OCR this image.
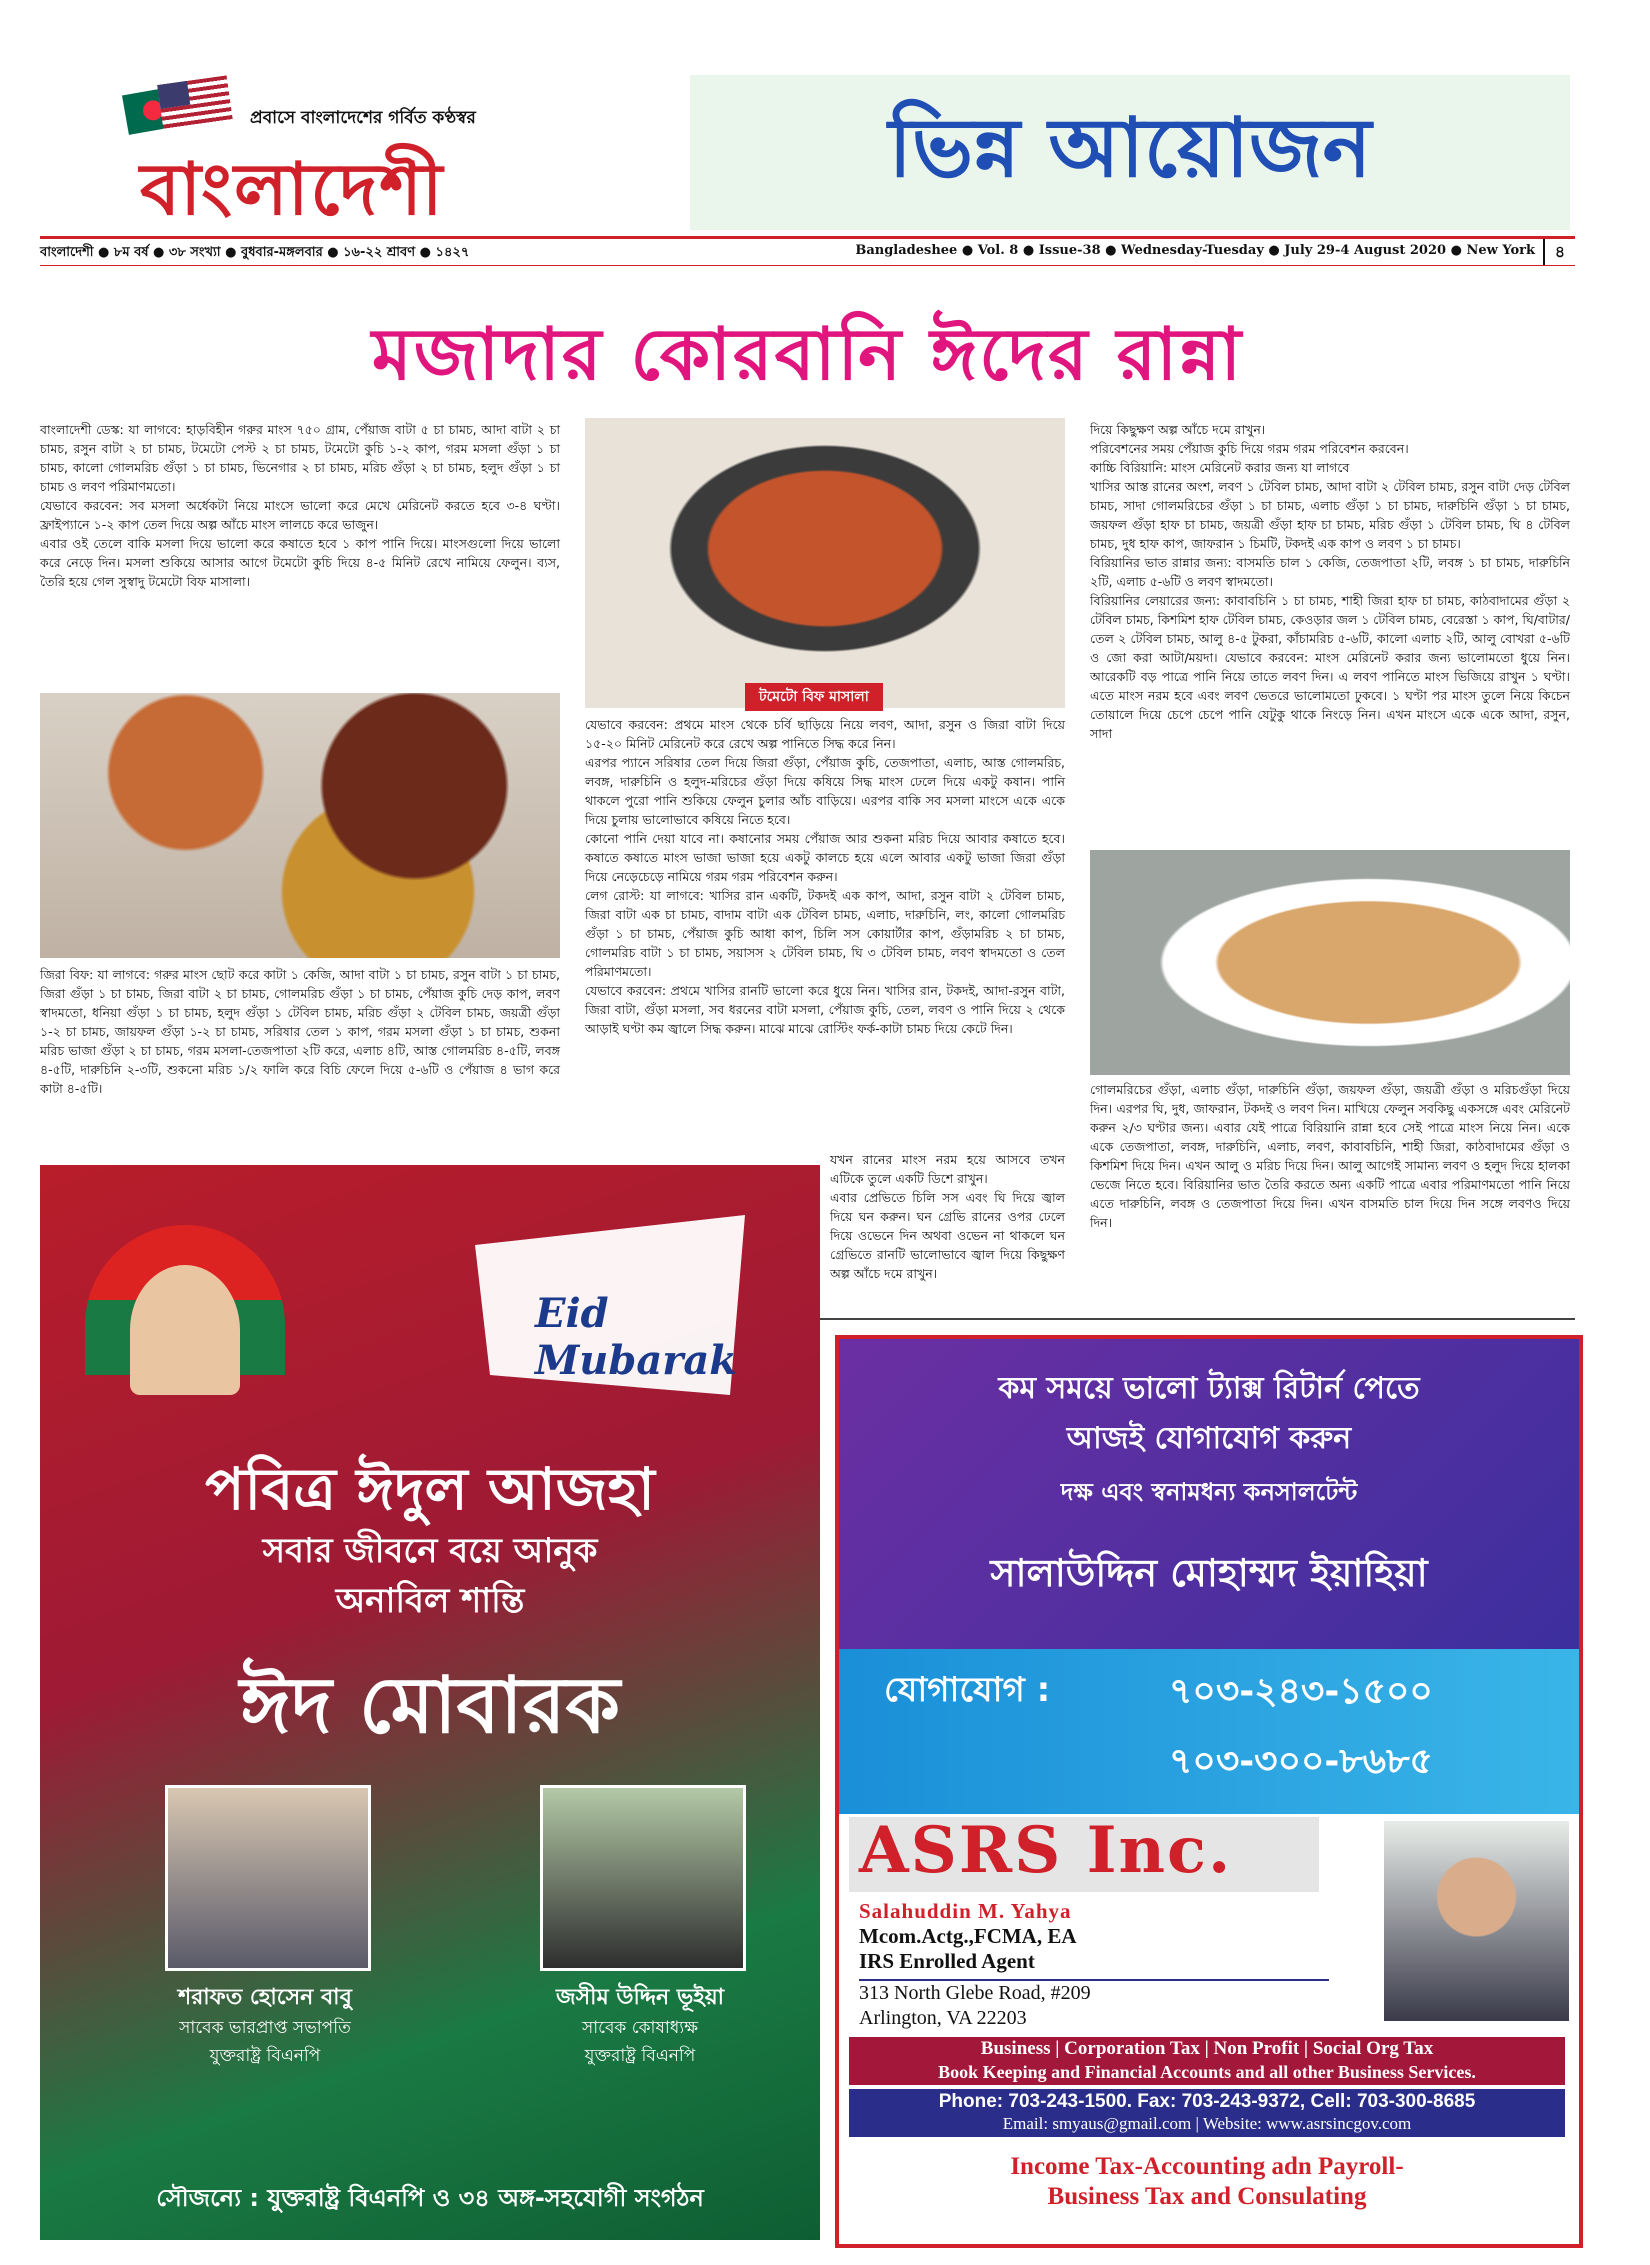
প্রবাসে বাংলাদেশের গর্বিত কণ্ঠস্বর
বাংলাদেশী	ভিন্ন আয়োজন
বাংলাদেশী ● ৮ম বর্ষ ● ৩৮ সংখ্যা ● বুধবার-মঙ্গলবার ● ১৬-২২ শ্রাবণ ● ১৪২৭	Bangladeshee ● Vol. 8 ● Issue-38 ● Wednesday-Tuesday ● July 29-4 August 2020 ● New York	৪
মজাদার কোরবানি ঈদের রান্না
টমেটো বিফ মাসালা

বাংলাদেশী ডেস্ক: যা লাগবে: হাড়বিহীন গরুর মাংস ৭৫০ গ্রাম, পেঁয়াজ বাটা ৫ চা চামচ, আদা বাটা ২ চা চামচ, রসুন বাটা ২ চা চামচ, টমেটো পেস্ট ২ চা চামচ, টমেটো কুচি ১-২ কাপ, গরম মসলা গুঁড়া ১ চা চামচ, কালো গোলমরিচ গুঁড়া ১ চা চামচ, ভিনেগার ২ চা চামচ, মরিচ গুঁড়া ২ চা চামচ, হলুদ গুঁড়া ১ চা চামচ ও লবণ পরিমাণমতো।

যেভাবে করবেন: সব মসলা অর্ধেকটা নিয়ে মাংসে ভালো করে মেখে মেরিনেট করতে হবে ৩-৪ ঘণ্টা। ফ্রাইপ্যানে ১-২ কাপ তেল দিয়ে অল্প আঁচে মাংস লালচে করে ভাজুন।

এবার ওই তেলে বাকি মসলা দিয়ে ভালো করে কষাতে হবে ১ কাপ পানি দিয়ে। মাংসগুলো দিয়ে ভালো করে নেড়ে দিন। মসলা শুকিয়ে আসার আগে টমেটো কুচি দিয়ে ৪-৫ মিনিট রেখে নামিয়ে ফেলুন। ব্যস, তৈরি হয়ে গেল সুস্বাদু টমেটো বিফ মাসালা।

জিরা বিফ: যা লাগবে: গরুর মাংস ছোট করে কাটা ১ কেজি, আদা বাটা ১ চা চামচ, রসুন বাটা ১ চা চামচ, জিরা গুঁড়া ১ চা চামচ, জিরা বাটা ২ চা চামচ, গোলমরিচ গুঁড়া ১ চা চামচ, পেঁয়াজ কুচি দেড় কাপ, লবণ স্বাদমতো, ধনিয়া গুঁড়া ১ চা চামচ, হলুদ গুঁড়া ১ টেবিল চামচ, মরিচ গুঁড়া ২ টেবিল চামচ, জয়ত্রী গুঁড়া ১-২ চা চামচ, জায়ফল গুঁড়া ১-২ চা চামচ, সরিষার তেল ১ কাপ, গরম মসলা গুঁড়া ১ চা চামচ, শুকনা মরিচ ভাজা গুঁড়া ২ চা চামচ, গরম মসলা-তেজপাতা ২টি করে, এলাচ ৪টি, আস্ত গোলমরিচ ৪-৫টি, লবঙ্গ ৪-৫টি, দারুচিনি ২-৩টি, শুকনো মরিচ ১/২ ফালি করে বিচি ফেলে দিয়ে ৫-৬টি ও পেঁয়াজ ৪ ভাগ করে কাটা ৪-৫টি।

যেভাবে করবেন: প্রথমে মাংস থেকে চর্বি ছাড়িয়ে নিয়ে লবণ, আদা, রসুন ও জিরা বাটা দিয়ে ১৫-২০ মিনিট মেরিনেট করে রেখে অল্প পানিতে সিদ্ধ করে নিন।

এরপর প্যানে সরিষার তেল দিয়ে জিরা গুঁড়া, পেঁয়াজ কুচি, তেজপাতা, এলাচ, আস্ত গোলমরিচ, লবঙ্গ, দারুচিনি ও হলুদ-মরিচের গুঁড়া দিয়ে কষিয়ে সিদ্ধ মাংস ঢেলে দিয়ে একটু কষান। পানি থাকলে পুরো পানি শুকিয়ে ফেলুন চুলার আঁচ বাড়িয়ে। এরপর বাকি সব মসলা মাংসে একে একে দিয়ে চুলায় ভালোভাবে কষিয়ে নিতে হবে।

কোনো পানি দেয়া যাবে না। কষানোর সময় পেঁয়াজ আর শুকনা মরিচ দিয়ে আবার কষাতে হবে। কষাতে কষাতে মাংস ভাজা ভাজা হয়ে একটু কালচে হয়ে এলে আবার একটু ভাজা জিরা গুঁড়া দিয়ে নেড়েচেড়ে নামিয়ে গরম গরম পরিবেশন করুন।

লেগ রোস্ট: যা লাগবে: খাসির রান একটি, টকদই এক কাপ, আদা, রসুন বাটা ২ টেবিল চামচ, জিরা বাটা এক চা চামচ, বাদাম বাটা এক টেবিল চামচ, এলাচ, দারুচিনি, লং, কালো গোলমরিচ গুঁড়া ১ চা চামচ, পেঁয়াজ কুচি আধা কাপ, চিলি সস কোয়ার্টার কাপ, গুঁড়ামরিচ ২ চা চামচ, গোলমরিচ বাটা ১ চা চামচ, সয়াসস ২ টেবিল চামচ, ঘি ৩ টেবিল চামচ, লবণ স্বাদমতো ও তেল পরিমাণমতো।

যেভাবে করবেন: প্রথমে খাসির রানটি ভালো করে ধুয়ে নিন। খাসির রান, টকদই, আদা-রসুন বাটা, জিরা বাটা, গুঁড়া মসলা, সব ধরনের বাটা মসলা, পেঁয়াজ কুচি, তেল, লবণ ও পানি দিয়ে ২ থেকে আড়াই ঘণ্টা কম জ্বালে সিদ্ধ করুন। মাঝে মাঝে রোস্টিং ফর্ক-কাটা চামচ দিয়ে কেটে দিন।

যখন রানের মাংস নরম হয়ে আসবে তখন এটিকে তুলে একটি ডিশে রাখুন।

এবার প্রেভিতে চিলি সস এবং ঘি দিয়ে জ্বাল দিয়ে ঘন করুন। ঘন গ্রেভি রানের ওপর ঢেলে দিয়ে ওভেনে দিন অথবা ওভেন না থাকলে ঘন গ্রেভিতে রানটি ভালোভাবে জ্বাল দিয়ে কিছুক্ষণ অল্প আঁচে দমে রাখুন।

দিয়ে কিছুক্ষণ অল্প আঁচে দমে রাখুন।

পরিবেশনের সময় পেঁয়াজ কুচি দিয়ে গরম গরম পরিবেশন করবেন।

কাচ্চি বিরিয়ানি: মাংস মেরিনেট করার জন্য যা লাগবে

খাসির আস্ত রানের অংশ, লবণ ১ টেবিল চামচ, আদা বাটা ২ টেবিল চামচ, রসুন বাটা দেড় টেবিল চামচ, সাদা গোলমরিচের গুঁড়া ১ চা চামচ, এলাচ গুঁড়া ১ চা চামচ, দারুচিনি গুঁড়া ১ চা চামচ, জয়ফল গুঁড়া হাফ চা চামচ, জয়ত্রী গুঁড়া হাফ চা চামচ, মরিচ গুঁড়া ১ টেবিল চামচ, ঘি ৪ টেবিল চামচ, দুধ হাফ কাপ, জাফরান ১ চিমটি, টকদই এক কাপ ও লবণ ১ চা চামচ।

বিরিয়ানির ভাত রান্নার জন্য: বাসমতি চাল ১ কেজি, তেজপাতা ২টি, লবঙ্গ ১ চা চামচ, দারুচিনি ২টি, এলাচ ৫-৬টি ও লবণ স্বাদমতো।

বিরিয়ানির লেয়ারের জন্য: কাবাবচিনি ১ চা চামচ, শাহী জিরা হাফ চা চামচ, কাঠবাদামের গুঁড়া ২ টেবিল চামচ, কিশমিশ হাফ টেবিল চামচ, কেওড়ার জল ১ টেবিল চামচ, বেরেস্তা ১ কাপ, ঘি/বাটার/তেল ২ টেবিল চামচ, আলু ৪-৫ টুকরা, কাঁচামরিচ ৫-৬টি, কালো এলাচ ২টি, আলু বোখরা ৫-৬টি ও জো করা আটা/ময়দা। যেভাবে করবেন: মাংস মেরিনেট করার জন্য ভালোমতো ধুয়ে নিন। আরেকটি বড় পাত্রে পানি নিয়ে তাতে লবণ দিন। এ লবণ পানিতে মাংস ভিজিয়ে রাখুন ১ ঘণ্টা। এতে মাংস নরম হবে এবং লবণ ভেতরে ভালোমতো ঢুকবে। ১ ঘণ্টা পর মাংস তুলে নিয়ে কিচেন তোয়ালে দিয়ে চেপে চেপে পানি যেটুকু থাকে নিংড়ে নিন। এখন মাংসে একে একে আদা, রসুন, সাদা

গোলমরিচের গুঁড়া, এলাচ গুঁড়া, দারুচিনি গুঁড়া, জয়ফল গুঁড়া, জয়ত্রী গুঁড়া ও মরিচগুঁড়া দিয়ে দিন। এরপর ঘি, দুধ, জাফরান, টকদই ও লবণ দিন। মাখিয়ে ফেলুন সবকিছু একসঙ্গে এবং মেরিনেট করুন ২/৩ ঘণ্টার জন্য। এবার যেই পাত্রে বিরিয়ানি রান্না হবে সেই পাত্রে মাংস নিয়ে নিন। একে একে তেজপাতা, লবঙ্গ, দারুচিনি, এলাচ, লবণ, কাবাবচিনি, শাহী জিরা, কাঠবাদামের গুঁড়া ও কিশমিশ দিয়ে দিন। এখন আলু ও মরিচ দিয়ে দিন। আলু আগেই সামান্য লবণ ও হলুদ দিয়ে হালকা ভেজে নিতে হবে। বিরিয়ানির ভাত তৈরি করতে অন্য একটি পাত্রে এবার পরিমাণমতো পানি নিয়ে এতে দারুচিনি, লবঙ্গ ও তেজপাতা দিয়ে দিন। এখন বাসমতি চাল দিয়ে দিন সঙ্গে লবণও দিয়ে দিন।

Eid Mubarak
পবিত্র ঈদুল আজহা
সবার জীবনে বয়ে আনুক
অনাবিল শান্তি
ঈদ মোবারক
শরাফত হোসেন বাবু	জসীম উদ্দিন ভূইয়া
সাবেক ভারপ্রাপ্ত সভাপতি	সাবেক কোষাধ্যক্ষ
যুক্তরাষ্ট্র বিএনপি	যুক্তরাষ্ট্র বিএনপি
সৌজন্যে : যুক্তরাষ্ট্র বিএনপি ও ৩৪ অঙ্গ-সহযোগী সংগঠন
কম সময়ে ভালো ট্যাক্স রিটার্ন পেতে
আজই যোগাযোগ করুন
দক্ষ এবং স্বনামধন্য কনসালটেন্ট
সালাউদ্দিন মোহাম্মদ ইয়াহিয়া
যোগাযোগ :	৭০৩-২৪৩-১৫০০
৭০৩-৩০০-৮৬৮৫
ASRS Inc.
Salahuddin M. Yahya
Mcom.Actg.,FCMA, EA
IRS Enrolled Agent
313 North Glebe Road, #209
Arlington, VA 22203
Business | Corporation Tax | Non Profit | Social Org Tax
Book Keeping and Financial Accounts and all other Business Services.
Phone: 703-243-1500. Fax: 703-243-9372, Cell: 703-300-8685
Email: smyaus@gmail.com | Website: www.asrsincgov.com
Income Tax-Accounting adn Payroll-
Business Tax and Consulating
